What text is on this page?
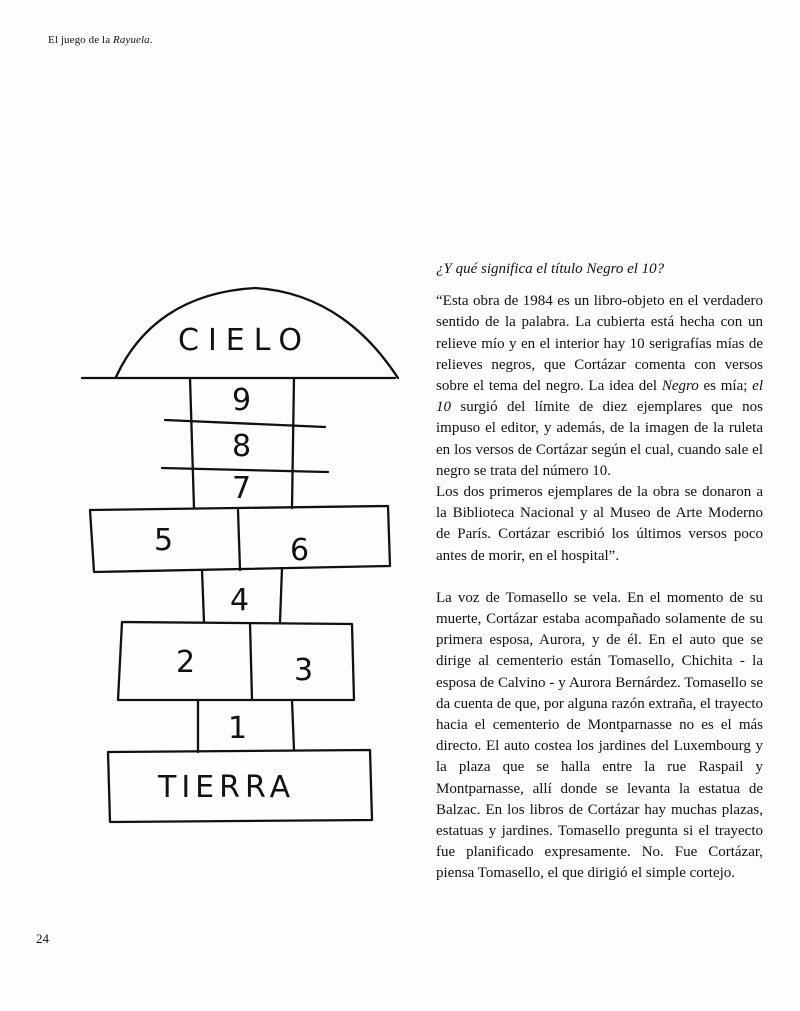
El juego de la Rayuela.
CIELO
9
8
7
5	6
4
2	3
1
TIERRA
¿Y qué significa el título Negro el 10?

“Esta obra de 1984 es un libro-objeto en el verdadero sentido de la palabra. La cubierta está hecha con un relieve mío y en el interior hay 10 serigrafías mías de relieves negros, que Cortázar comenta con versos sobre el tema del negro. La idea del Negro es mía; el 10 surgió del límite de diez ejemplares que nos impuso el editor, y además, de la imagen de la ruleta en los versos de Cortázar según el cual, cuando sale el negro se trata del número 10.

Los dos primeros ejemplares de la obra se donaron a la Biblioteca Nacional y al Museo de Arte Moderno de París. Cortázar escribió los últimos versos poco antes de morir, en el hospital”.

La voz de Tomasello se vela. En el momento de su muerte, Cortázar estaba acompañado solamente de su primera esposa, Aurora, y de él. En el auto que se dirige al cementerio están Tomasello, Chichita - la esposa de Calvino - y Aurora Bernárdez. Tomasello se da cuenta de que, por alguna razón extraña, el trayecto hacia el cementerio de Montparnasse no es el más directo. El auto costea los jardines del Luxembourg y la plaza que se halla entre la rue Raspail y Montparnasse, allí donde se levanta la estatua de Balzac. En los libros de Cortázar hay muchas plazas, estatuas y jardines. Tomasello pregunta si el trayecto fue planificado expresamente. No. Fue Cortázar, piensa Tomasello, el que dirigió el simple cortejo.

24
